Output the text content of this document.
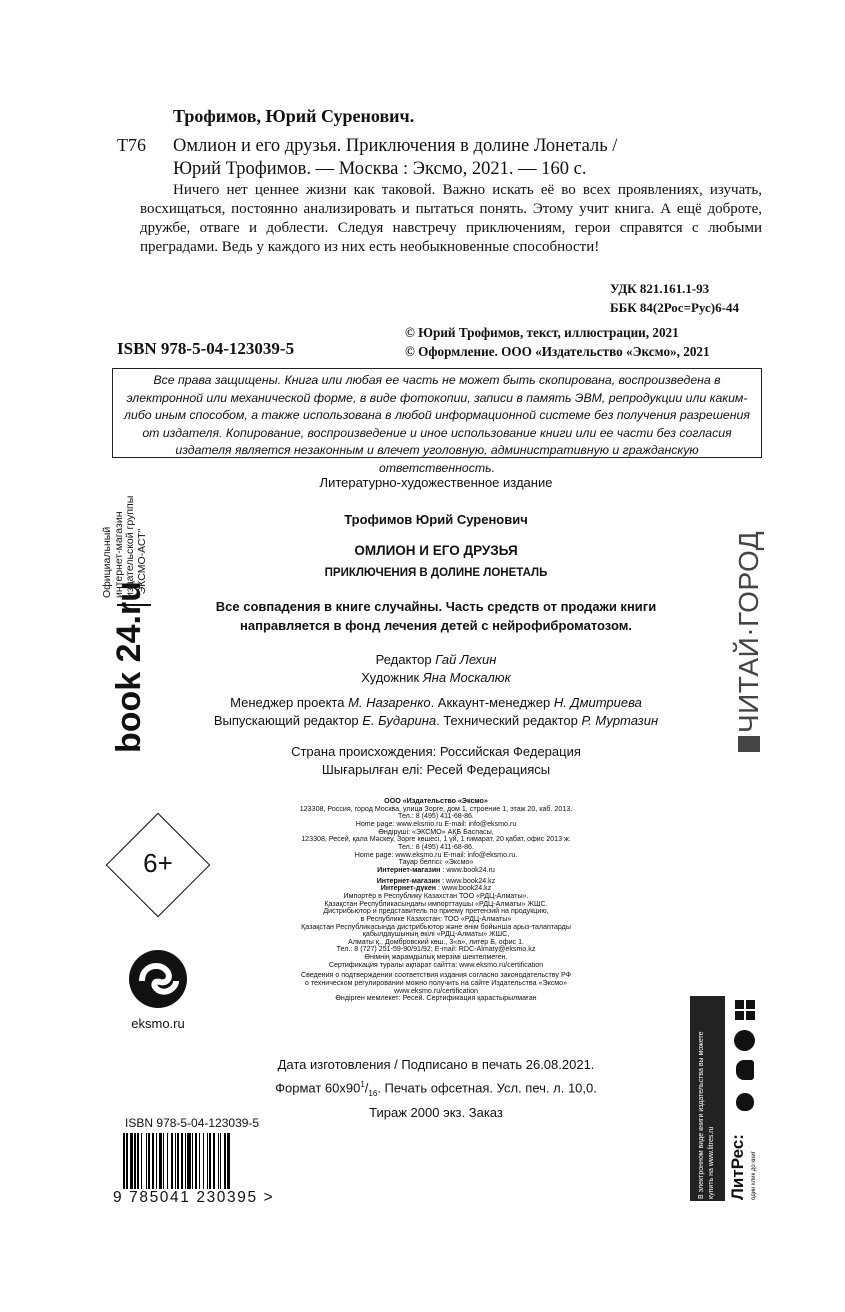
Трофимов, Юрий Суренович.
Т76 Омлион и его друзья. Приключения в долине Лонеталь /
Юрий Трофимов. — Москва : Эксмо, 2021. — 160 с.
Ничего нет ценнее жизни как таковой. Важно искать её во всех проявлениях, изучать, восхищаться, постоянно анализировать и пытаться понять. Этому учит книга. А ещё доброте, дружбе, отваге и доблести. Следуя навстречу приключениям, герои справятся с любыми преградами. Ведь у каждого из них есть необыкновенные способности!
УДК 821.161.1-93
ББК 84(2Рос=Рус)6-44
ISBN 978-5-04-123039-5
© Юрий Трофимов, текст, иллюстрации, 2021
© Оформление. ООО «Издательство «Эксмо», 2021
Все права защищены. Книга или любая ее часть не может быть скопирована, воспроизведена в электронной или механической форме, в виде фотокопии, записи в память ЭВМ, репродукции или каким-либо иным способом, а также использована в любой информационной системе без получения разрешения от издателя. Копирование, воспроизведение и иное использование книги или ее части без согласия издателя является незаконным и влечет уголовную, административную и гражданскую ответственность.
Литературно-художественное издание
Трофимов Юрий Суренович
ОМЛИОН И ЕГО ДРУЗЬЯ
ПРИКЛЮЧЕНИЯ В ДОЛИНЕ ЛОНЕТАЛЬ
Все совпадения в книге случайны. Часть средств от продажи книги
направляется в фонд лечения детей с нейрофиброматозом.
Редактор Гай Лехин
Художник Яна Москалюк
Менеджер проекта М. Назаренко. Аккаунт-менеджер Н. Дмитриева
Выпускающий редактор Е. Бударина. Технический редактор Р. Муртазин
Страна происхождения: Российская Федерация
Шығарылған елі: Ресей Федерациясы
ООО «Издательство «Эксмо»
123308, Россия, город Москва, улица Зорге, дом 1, строение 1, этаж 20, каб. 2013.
Тел.: 8 (495) 411-68-86.
Home page: www.eksmo.ru E-mail: info@eksmo.ru
Өндіруші: «ЭКСМО» АҚБ Баспасы,
123308, Ресей, қала Мәскеу, Зорге көшесі, 1 үй, 1 ғимарат, 20 қабат, офис 2013 ж.
Тел.: 8 (495) 411-68-86.
Home page: www.eksmo.ru E-mail: info@eksmo.ru.
Тауар белгісі: «Эксмо»
Интернет-магазин : www.book24.ru
Интернет-магазин : www.book24.kz
Интернет-дүкен : www.book24.kz
Импортёр в Республику Казахстан ТОО «РДЦ-Алматы».
Қазақстан Республикасындағы импорттаушы «РДЦ-Алматы» ЖШС.
Дистрибьютор и представитель по приему претензий на продукцию,
в Республике Казахстан: ТОО «РДЦ-Алматы»
Қазақстан Республикасында дистрибьютор және өнім бойынша арыз-талаптарды
қабылдаушының өкілі «РДЦ-Алматы» ЖШС,
Алматы қ., Домбровский көш., 3«а», литер Б, офис 1.
Тел.: 8 (727) 251-59-90/91/92; E-mail: RDC-Almaty@eksmo.kz
Өнімнің жарамдылық мерзімі шектелмеген.
Сертификация туралы ақпарат сайтта: www.eksmo.ru/certification
Сведения о подтверждении соответствия издания согласно законодательству РФ
о техническом регулировании можно получить на сайте Издательства «Эксмо»
www.eksmo.ru/certification
Өндірген мемлекет: Ресей. Сертификация қарастырылмаған
Дата изготовления / Подписано в печать 26.08.2021.
Формат $60x90^1/_{16}$. Печать офсетная. Усл. печ. л. 10,0.
Тираж 2000 экз. Заказ
ISBN 978-5-04-123039-5
9 785041 230395 >
Официальный интернет-магазин издательской группы "ЭКСМО-АСТ"
book 24.ru
6+
eksmo.ru
ЧИТАЙ·ГОРОД
В электронном виде книги издательства вы можете купить на www.litres.ru ЛитРес: один клик до книг
